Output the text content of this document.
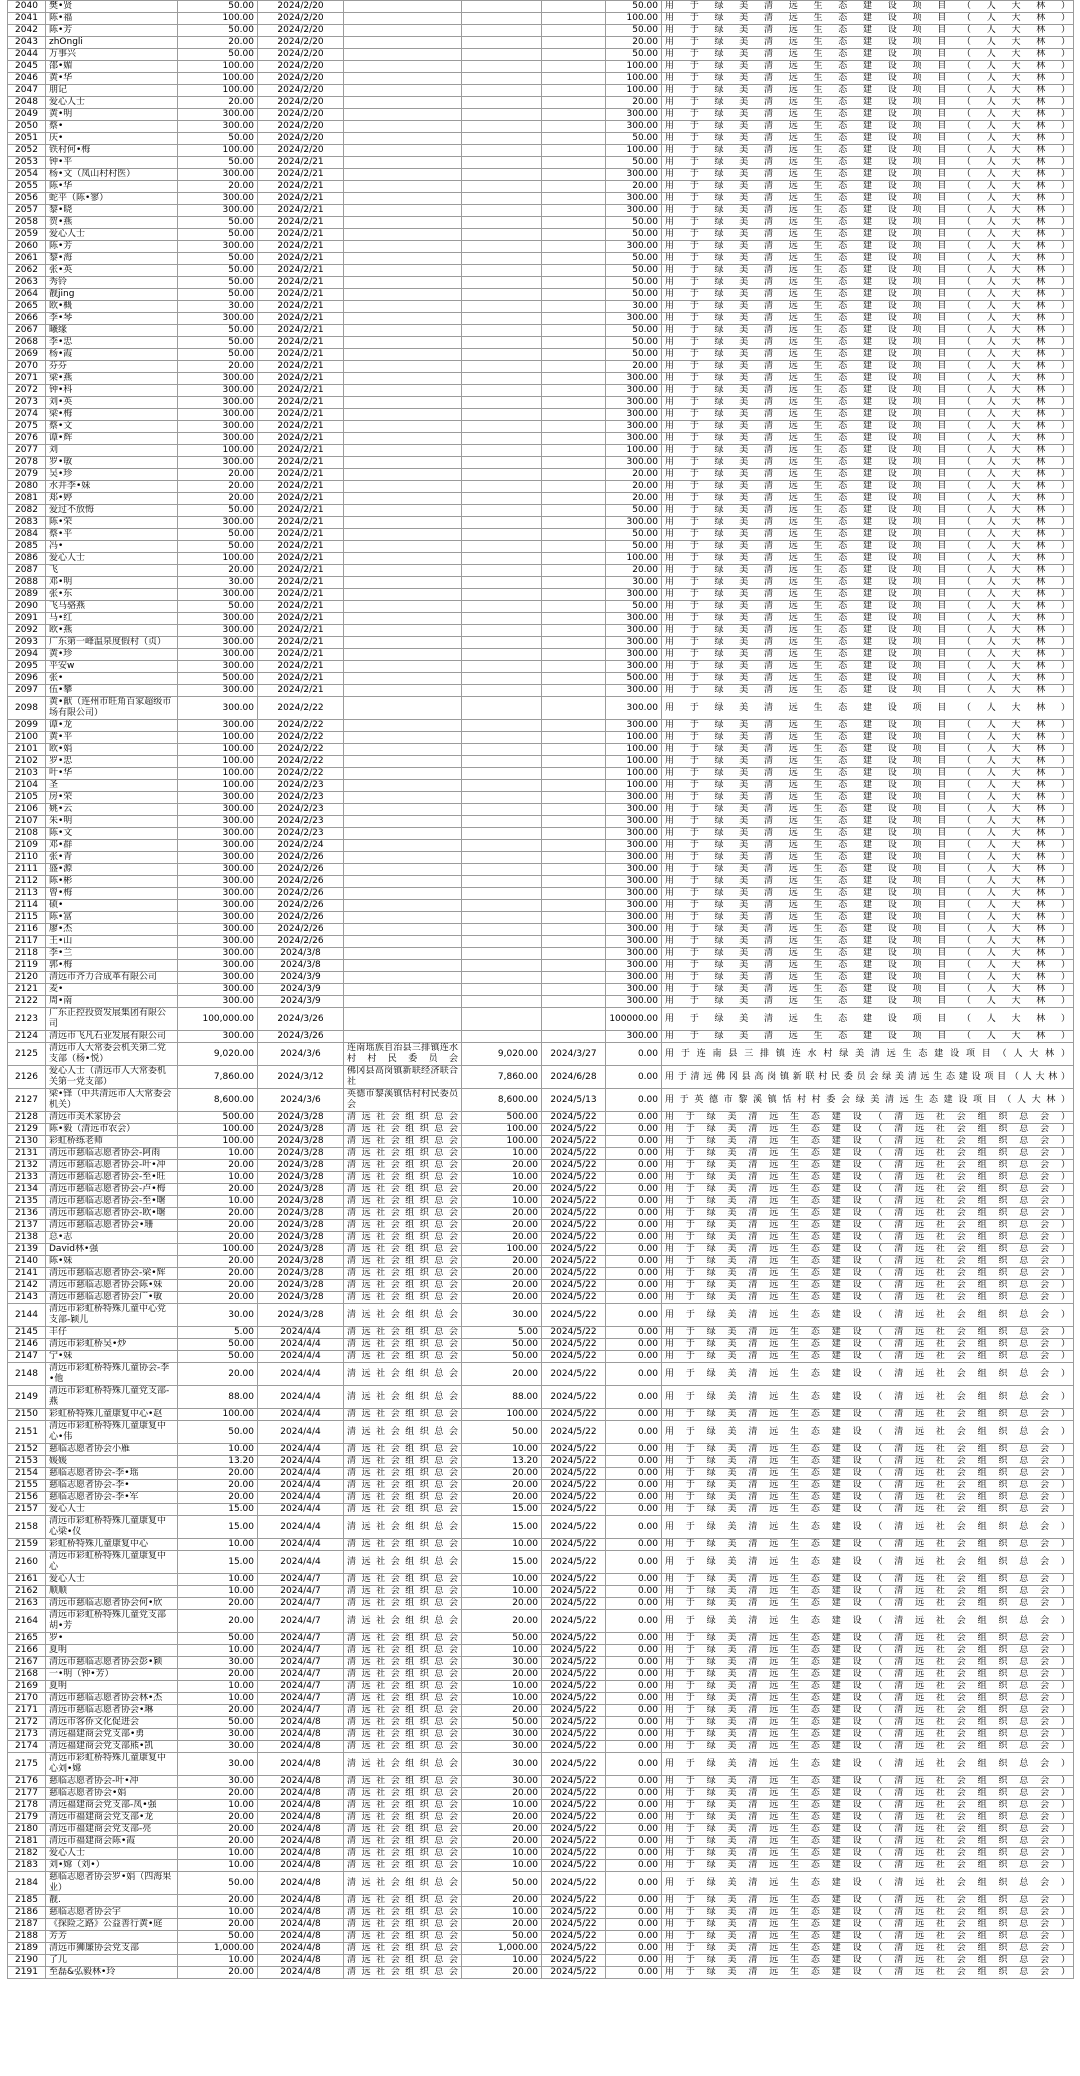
2040	樊•贤	50.00	2024/2/20				50.00	用于绿美清远生态建设项目（人大林）
2041	陈•福	100.00	2024/2/20				100.00	用于绿美清远生态建设项目（人大林）
2042	陈•芳	50.00	2024/2/20				50.00	用于绿美清远生态建设项目（人大林）
2043	zhOngli	20.00	2024/2/20				20.00	用于绿美清远生态建设项目（人大林）
2044	万事兴	50.00	2024/2/20				50.00	用于绿美清远生态建设项目（人大林）
2045	邵•媚	100.00	2024/2/20				100.00	用于绿美清远生态建设项目（人大林）
2046	黄•华	100.00	2024/2/20				100.00	用于绿美清远生态建设项目（人大林）
2047	朋记	100.00	2024/2/20				100.00	用于绿美清远生态建设项目（人大林）
2048	爱心人士	20.00	2024/2/20				20.00	用于绿美清远生态建设项目（人大林）
2049	黄•明	300.00	2024/2/20				300.00	用于绿美清远生态建设项目（人大林）
2050	蔡•	300.00	2024/2/20				300.00	用于绿美清远生态建设项目（人大林）
2051	庆•	50.00	2024/2/20				50.00	用于绿美清远生态建设项目（人大林）
2052	铁村何•梅	100.00	2024/2/20				100.00	用于绿美清远生态建设项目（人大林）
2053	钟•平	50.00	2024/2/21				50.00	用于绿美清远生态建设项目（人大林）
2054	杨•文（凤山村村医）	300.00	2024/2/21				300.00	用于绿美清远生态建设项目（人大林）
2055	陈•华	20.00	2024/2/21				20.00	用于绿美清远生态建设项目（人大林）
2056	蛇平（陈•寥）	300.00	2024/2/21				300.00	用于绿美清远生态建设项目（人大林）
2057	黎•晓	300.00	2024/2/21				300.00	用于绿美清远生态建设项目（人大林）
2058	贺•燕	50.00	2024/2/21				50.00	用于绿美清远生态建设项目（人大林）
2059	爱心人士	50.00	2024/2/21				50.00	用于绿美清远生态建设项目（人大林）
2060	陈•芳	300.00	2024/2/21				300.00	用于绿美清远生态建设项目（人大林）
2061	黎•海	50.00	2024/2/21				50.00	用于绿美清远生态建设项目（人大林）
2062	张•英	50.00	2024/2/21				50.00	用于绿美清远生态建设项目（人大林）
2063	秀铃	50.00	2024/2/21				50.00	用于绿美清远生态建设项目（人大林）
2064	靓jing	50.00	2024/2/21				50.00	用于绿美清远生态建设项目（人大林）
2065	欧•概	30.00	2024/2/21				30.00	用于绿美清远生态建设项目（人大林）
2066	李•琴	300.00	2024/2/21				300.00	用于绿美清远生态建设项目（人大林）
2067	曦缘	50.00	2024/2/21				50.00	用于绿美清远生态建设项目（人大林）
2068	李•忠	50.00	2024/2/21				50.00	用于绿美清远生态建设项目（人大林）
2069	杨•霞	50.00	2024/2/21				50.00	用于绿美清远生态建设项目（人大林）
2070	芬芬	20.00	2024/2/21				20.00	用于绿美清远生态建设项目（人大林）
2071	梁•燕	300.00	2024/2/21				300.00	用于绿美清远生态建设项目（人大林）
2072	钟•科	300.00	2024/2/21				300.00	用于绿美清远生态建设项目（人大林）
2073	刘•英	300.00	2024/2/21				300.00	用于绿美清远生态建设项目（人大林）
2074	梁•梅	300.00	2024/2/21				300.00	用于绿美清远生态建设项目（人大林）
2075	蔡•文	300.00	2024/2/21				300.00	用于绿美清远生态建设项目（人大林）
2076	谭•辉	300.00	2024/2/21				300.00	用于绿美清远生态建设项目（人大林）
2077	刘	100.00	2024/2/21				100.00	用于绿美清远生态建设项目（人大林）
2078	罗•敏	300.00	2024/2/21				300.00	用于绿美清远生态建设项目（人大林）
2079	吴•珍	20.00	2024/2/21				20.00	用于绿美清远生态建设项目（人大林）
2080	水井李•妹	20.00	2024/2/21				20.00	用于绿美清远生态建设项目（人大林）
2081	郑•婷	20.00	2024/2/21				20.00	用于绿美清远生态建设项目（人大林）
2082	爱过不放悔	50.00	2024/2/21				50.00	用于绿美清远生态建设项目（人大林）
2083	陈•荣	300.00	2024/2/21				300.00	用于绿美清远生态建设项目（人大林）
2084	蔡•平	50.00	2024/2/21				50.00	用于绿美清远生态建设项目（人大林）
2085	冯•	50.00	2024/2/21				50.00	用于绿美清远生态建设项目（人大林）
2086	爱心人士	100.00	2024/2/21				100.00	用于绿美清远生态建设项目（人大林）
2087	飞	20.00	2024/2/21				20.00	用于绿美清远生态建设项目（人大林）
2088	邓•明	30.00	2024/2/21				30.00	用于绿美清远生态建设项目（人大林）
2089	张•东	300.00	2024/2/21				300.00	用于绿美清远生态建设项目（人大林）
2090	飞马骆燕	50.00	2024/2/21				50.00	用于绿美清远生态建设项目（人大林）
2091	马•红	300.00	2024/2/21				300.00	用于绿美清远生态建设项目（人大林）
2092	欧•燕	300.00	2024/2/21				300.00	用于绿美清远生态建设项目（人大林）
2093	广东第一峰温泉度假村（贞）	300.00	2024/2/21				300.00	用于绿美清远生态建设项目（人大林）
2094	黄•珍	300.00	2024/2/21				300.00	用于绿美清远生态建设项目（人大林）
2095	平安w	300.00	2024/2/21				300.00	用于绿美清远生态建设项目（人大林）
2096	张•	500.00	2024/2/21				500.00	用于绿美清远生态建设项目（人大林）
2097	伍•攀	300.00	2024/2/21				300.00	用于绿美清远生态建设项目（人大林）
2098	黄•献（连州市旺角百家超级市场有限公司）	300.00	2024/2/22				300.00	用于绿美清远生态建设项目（人大林）
2099	谭•龙	300.00	2024/2/22				300.00	用于绿美清远生态建设项目（人大林）
2100	黄•平	100.00	2024/2/22				100.00	用于绿美清远生态建设项目（人大林）
2101	欧•娟	100.00	2024/2/22				100.00	用于绿美清远生态建设项目（人大林）
2102	罗•忠	100.00	2024/2/22				100.00	用于绿美清远生态建设项目（人大林）
2103	叶•华	100.00	2024/2/22				100.00	用于绿美清远生态建设项目（人大林）
2104	圣	100.00	2024/2/23				100.00	用于绿美清远生态建设项目（人大林）
2105	房•荣	300.00	2024/2/23				300.00	用于绿美清远生态建设项目（人大林）
2106	姚•云	300.00	2024/2/23				300.00	用于绿美清远生态建设项目（人大林）
2107	朱•明	300.00	2024/2/23				300.00	用于绿美清远生态建设项目（人大林）
2108	陈•文	300.00	2024/2/23				300.00	用于绿美清远生态建设项目（人大林）
2109	邓•群	300.00	2024/2/24				300.00	用于绿美清远生态建设项目（人大林）
2110	张•青	300.00	2024/2/26				300.00	用于绿美清远生态建设项目（人大林）
2111	盛•源	300.00	2024/2/26				300.00	用于绿美清远生态建设项目（人大林）
2112	陈•彬	300.00	2024/2/26				300.00	用于绿美清远生态建设项目（人大林）
2113	曾•梅	300.00	2024/2/26				300.00	用于绿美清远生态建设项目（人大林）
2114	硕•	300.00	2024/2/26				300.00	用于绿美清远生态建设项目（人大林）
2115	陈•富	300.00	2024/2/26				300.00	用于绿美清远生态建设项目（人大林）
2116	廖•杰	300.00	2024/2/26				300.00	用于绿美清远生态建设项目（人大林）
2117	王•山	300.00	2024/2/26				300.00	用于绿美清远生态建设项目（人大林）
2118	李•兰	300.00	2024/3/8				300.00	用于绿美清远生态建设项目（人大林）
2119	郭•梅	300.00	2024/3/8				300.00	用于绿美清远生态建设项目（人大林）
2120	清远市齐力合成革有限公司	300.00	2024/3/9				300.00	用于绿美清远生态建设项目（人大林）
2121	麦•	300.00	2024/3/9				300.00	用于绿美清远生态建设项目（人大林）
2122	周•南	300.00	2024/3/9				300.00	用于绿美清远生态建设项目（人大林）
2123	广东正控投资发展集团有限公司	100,000.00	2024/3/26				100000.00	用于绿美清远生态建设项目（人大林）
2124	清远市飞凡石业发展有限公司	300.00	2024/3/26				300.00	用于绿美清远生态建设项目（人大林）
2125	清远市人大常委会机关第二党支部（杨•悦）	9,020.00	2024/3/6	连南瑶族自治县三排镇连水村村民委员会	9,020.00	2024/3/27	0.00	用于连南县三排镇连水村绿美清远生态建设项目（人大林）
2126	爱心人士（清远市人大常委机关第一党支部）	7,860.00	2024/3/12	佛冈县高岗镇新联经济联合社	7,860.00	2024/6/28	0.00	用于清远佛冈县高岗镇新联村民委员会绿美清远生态建设项目（人大林）
2127	梁•锋（中共清远市人大常委会机关）	8,600.00	2024/3/6	英德市黎溪镇恬村村民委员会	8,600.00	2024/5/13	0.00	用于英德市黎溪镇恬村村委会绿美清远生态建设项目（人大林）
2128	清远市美术家协会	500.00	2024/3/28	清远社会组织总会	500.00	2024/5/22	0.00	用于绿美清远生态建设（清远社会组织总会）
2129	陈•毅（清远市农会）	100.00	2024/3/28	清远社会组织总会	100.00	2024/5/22	0.00	用于绿美清远生态建设（清远社会组织总会）
2130	彩虹桥练老师	100.00	2024/3/28	清远社会组织总会	100.00	2024/5/22	0.00	用于绿美清远生态建设（清远社会组织总会）
2131	清远市慈临志愿者协会-阿雨	10.00	2024/3/28	清远社会组织总会	10.00	2024/5/22	0.00	用于绿美清远生态建设（清远社会组织总会）
2132	清远市慈临志愿者协会-叶•冲	20.00	2024/3/28	清远社会组织总会	20.00	2024/5/22	0.00	用于绿美清远生态建设（清远社会组织总会）
2133	清远市慈临志愿者协会-至•旺	10.00	2024/3/28	清远社会组织总会	10.00	2024/5/22	0.00	用于绿美清远生态建设（清远社会组织总会）
2134	清远市慈临志愿者协会-卢•梅	20.00	2024/3/28	清远社会组织总会	20.00	2024/5/22	0.00	用于绿美清远生态建设（清远社会组织总会）
2135	清远市慈临志愿者协会-至•曙	10.00	2024/3/28	清远社会组织总会	10.00	2024/5/22	0.00	用于绿美清远生态建设（清远社会组织总会）
2136	清远市慈临志愿者协会-欧•曙	20.00	2024/3/28	清远社会组织总会	20.00	2024/5/22	0.00	用于绿美清远生态建设（清远社会组织总会）
2137	清远市慈临志愿者协会•珊	20.00	2024/3/28	清远社会组织总会	20.00	2024/5/22	0.00	用于绿美清远生态建设（清远社会组织总会）
2138	总•志	20.00	2024/3/28	清远社会组织总会	20.00	2024/5/22	0.00	用于绿美清远生态建设（清远社会组织总会）
2139	David林•强	100.00	2024/3/28	清远社会组织总会	100.00	2024/5/22	0.00	用于绿美清远生态建设（清远社会组织总会）
2140	陈•妹	20.00	2024/3/28	清远社会组织总会	20.00	2024/5/22	0.00	用于绿美清远生态建设（清远社会组织总会）
2141	清远市慈临志愿者协会-梁•辉	20.00	2024/3/28	清远社会组织总会	20.00	2024/5/22	0.00	用于绿美清远生态建设（清远社会组织总会）
2142	清远市慈临志愿者协会陈•妹	20.00	2024/3/28	清远社会组织总会	20.00	2024/5/22	0.00	用于绿美清远生态建设（清远社会组织总会）
2143	清远市慈临志愿者协会广•敏	20.00	2024/3/28	清远社会组织总会	20.00	2024/5/22	0.00	用于绿美清远生态建设（清远社会组织总会）
2144	清远市彩虹桥特殊儿童中心党支部-颖儿	30.00	2024/3/28	清远社会组织总会	30.00	2024/5/22	0.00	用于绿美清远生态建设（清远社会组织总会）
2145	丰仔	5.00	2024/4/4	清远社会组织总会	5.00	2024/5/22	0.00	用于绿美清远生态建设（清远社会组织总会）
2146	清远市彩虹桥吴•炒	50.00	2024/4/4	清远社会组织总会	50.00	2024/5/22	0.00	用于绿美清远生态建设（清远社会组织总会）
2147	宁•妹	50.00	2024/4/4	清远社会组织总会	50.00	2024/5/22	0.00	用于绿美清远生态建设（清远社会组织总会）
2148	清远市彩虹桥特殊儿童协会-李•他	20.00	2024/4/4	清远社会组织总会	20.00	2024/5/22	0.00	用于绿美清远生态建设（清远社会组织总会）
2149	清远市彩虹桥特殊儿童党支部-燕	88.00	2024/4/4	清远社会组织总会	88.00	2024/5/22	0.00	用于绿美清远生态建设（清远社会组织总会）
2150	彩虹桥特殊儿童康复中心•赵	100.00	2024/4/4	清远社会组织总会	100.00	2024/5/22	0.00	用于绿美清远生态建设（清远社会组织总会）
2151	清远市彩虹桥特殊儿童康复中心•伟	50.00	2024/4/4	清远社会组织总会	50.00	2024/5/22	0.00	用于绿美清远生态建设（清远社会组织总会）
2152	慈临志愿者协会小雁	10.00	2024/4/4	清远社会组织总会	10.00	2024/5/22	0.00	用于绿美清远生态建设（清远社会组织总会）
2153	媛媛	13.20	2024/4/4	清远社会组织总会	13.20	2024/5/22	0.00	用于绿美清远生态建设（清远社会组织总会）
2154	慈临志愿者协会-李•瑶	20.00	2024/4/4	清远社会组织总会	20.00	2024/5/22	0.00	用于绿美清远生态建设（清远社会组织总会）
2155	慈临志愿者协会-李•	20.00	2024/4/4	清远社会组织总会	20.00	2024/5/22	0.00	用于绿美清远生态建设（清远社会组织总会）
2156	慈临志愿者协会-李•军	20.00	2024/4/4	清远社会组织总会	20.00	2024/5/22	0.00	用于绿美清远生态建设（清远社会组织总会）
2157	爱心人士	15.00	2024/4/4	清远社会组织总会	15.00	2024/5/22	0.00	用于绿美清远生态建设（清远社会组织总会）
2158	清远市彩虹桥特殊儿童康复中心梁•仪	15.00	2024/4/4	清远社会组织总会	15.00	2024/5/22	0.00	用于绿美清远生态建设（清远社会组织总会）
2159	彩虹桥特殊儿童康复中心	10.00	2024/4/4	清远社会组织总会	10.00	2024/5/22	0.00	用于绿美清远生态建设（清远社会组织总会）
2160	清远市彩虹桥特殊儿童康复中心	15.00	2024/4/4	清远社会组织总会	15.00	2024/5/22	0.00	用于绿美清远生态建设（清远社会组织总会）
2161	爱心人士	10.00	2024/4/7	清远社会组织总会	10.00	2024/5/22	0.00	用于绿美清远生态建设（清远社会组织总会）
2162	顺顺	10.00	2024/4/7	清远社会组织总会	10.00	2024/5/22	0.00	用于绿美清远生态建设（清远社会组织总会）
2163	清远市慈临志愿者协会何•欣	20.00	2024/4/7	清远社会组织总会	20.00	2024/5/22	0.00	用于绿美清远生态建设（清远社会组织总会）
2164	清远市彩虹桥特殊儿童党支部胡•芳	20.00	2024/4/7	清远社会组织总会	20.00	2024/5/22	0.00	用于绿美清远生态建设（清远社会组织总会）
2165	罗•	50.00	2024/4/7	清远社会组织总会	50.00	2024/5/22	0.00	用于绿美清远生态建设（清远社会组织总会）
2166	夏明	10.00	2024/4/7	清远社会组织总会	10.00	2024/5/22	0.00	用于绿美清远生态建设（清远社会组织总会）
2167	清远市慈临志愿者协会彭•颖	30.00	2024/4/7	清远社会组织总会	30.00	2024/5/22	0.00	用于绿美清远生态建设（清远社会组织总会）
2168	一•明（钟•芳）	20.00	2024/4/7	清远社会组织总会	20.00	2024/5/22	0.00	用于绿美清远生态建设（清远社会组织总会）
2169	夏明	10.00	2024/4/7	清远社会组织总会	10.00	2024/5/22	0.00	用于绿美清远生态建设（清远社会组织总会）
2170	清远市慈临志愿者协会林•杰	10.00	2024/4/7	清远社会组织总会	10.00	2024/5/22	0.00	用于绿美清远生态建设（清远社会组织总会）
2171	清远市慈临志愿者协会•琳	20.00	2024/4/7	清远社会组织总会	20.00	2024/5/22	0.00	用于绿美清远生态建设（清远社会组织总会）
2172	清远市客侨文化促进会	50.00	2024/4/8	清远社会组织总会	50.00	2024/5/22	0.00	用于绿美清远生态建设（清远社会组织总会）
2173	清远福建商会党支部•勇	30.00	2024/4/8	清远社会组织总会	30.00	2024/5/22	0.00	用于绿美清远生态建设（清远社会组织总会）
2174	清远福建商会党支部熊•凯	30.00	2024/4/8	清远社会组织总会	30.00	2024/5/22	0.00	用于绿美清远生态建设（清远社会组织总会）
2175	清远市彩虹桥特殊儿童康复中心刘•嫦	30.00	2024/4/8	清远社会组织总会	30.00	2024/5/22	0.00	用于绿美清远生态建设（清远社会组织总会）
2176	慈临志愿者协会-叶•冲	30.00	2024/4/8	清远社会组织总会	30.00	2024/5/22	0.00	用于绿美清远生态建设（清远社会组织总会）
2177	慈临志愿者协会•娟	20.00	2024/4/8	清远社会组织总会	20.00	2024/5/22	0.00	用于绿美清远生态建设（清远社会组织总会）
2178	清远福建商会党支部-凤•强	10.00	2024/4/8	清远社会组织总会	10.00	2024/5/22	0.00	用于绿美清远生态建设（清远社会组织总会）
2179	清远市福建商会党支部•龙	20.00	2024/4/8	清远社会组织总会	20.00	2024/5/22	0.00	用于绿美清远生态建设（清远社会组织总会）
2180	清远市福建商会党支部-亮	20.00	2024/4/8	清远社会组织总会	20.00	2024/5/22	0.00	用于绿美清远生态建设（清远社会组织总会）
2181	清远市福建商会陈•霞	20.00	2024/4/8	清远社会组织总会	20.00	2024/5/22	0.00	用于绿美清远生态建设（清远社会组织总会）
2182	爱心人士	10.00	2024/4/8	清远社会组织总会	10.00	2024/5/22	0.00	用于绿美清远生态建设（清远社会组织总会）
2183	刘•嫦（刘•）	10.00	2024/4/8	清远社会组织总会	10.00	2024/5/22	0.00	用于绿美清远生态建设（清远社会组织总会）
2184	慈临志愿者协会罗•娟（四海果业）	50.00	2024/4/8	清远社会组织总会	50.00	2024/5/22	0.00	用于绿美清远生态建设（清远社会组织总会）
2185	靓.	20.00	2024/4/8	清远社会组织总会	20.00	2024/5/22	0.00	用于绿美清远生态建设（清远社会组织总会）
2186	慈临志愿者协会宇	10.00	2024/4/8	清远社会组织总会	10.00	2024/5/22	0.00	用于绿美清远生态建设（清远社会组织总会）
2187	《探险之路》公益善行黄•庭	20.00	2024/4/8	清远社会组织总会	20.00	2024/5/22	0.00	用于绿美清远生态建设（清远社会组织总会）
2188	芳芳	50.00	2024/4/8	清远社会组织总会	50.00	2024/5/22	0.00	用于绿美清远生态建设（清远社会组织总会）
2189	清远市狮廉协会党支部	1,000.00	2024/4/8	清远社会组织总会	1,000.00	2024/5/22	0.00	用于绿美清远生态建设（清远社会组织总会）
2190	了儿	10.00	2024/4/8	清远社会组织总会	10.00	2024/5/22	0.00	用于绿美清远生态建设（清远社会组织总会）
2191	至磊&弘毅林•玲	20.00	2024/4/8	清远社会组织总会	20.00	2024/5/22	0.00	用于绿美清远生态建设（清远社会组织总会）
